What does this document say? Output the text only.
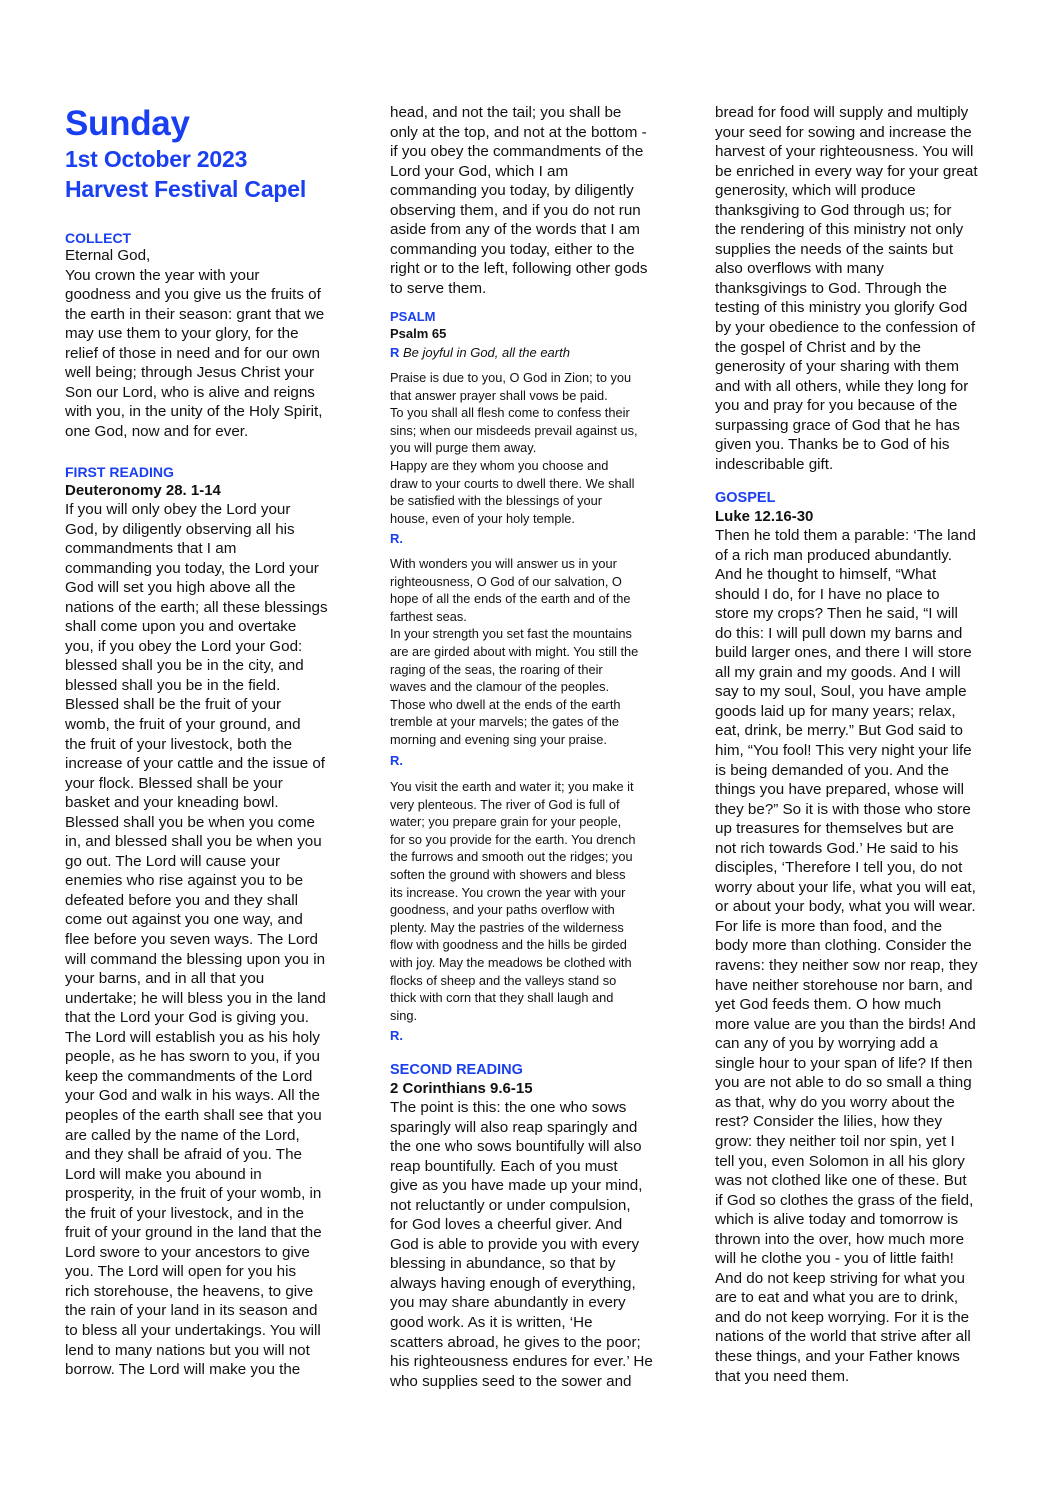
Sunday
1st October 2023
Harvest Festival Capel
COLLECT
Eternal God,
You crown the year with your
goodness and you give us the fruits of
the earth in their season: grant that we
may use them to your glory, for the
relief of those in need and for our own
well being; through Jesus Christ your
Son our Lord, who is alive and reigns
with you, in the unity of the Holy Spirit,
one God, now and for ever.
FIRST READING
Deuteronomy 28. 1-14
If you will only obey the Lord your
God, by diligently observing all his
commandments that I am
commanding you today, the Lord your
God will set you high above all the
nations of the earth; all these blessings
shall come upon you and overtake
you, if you obey the Lord your God:
blessed shall you be in the city, and
blessed shall you be in the field.
Blessed shall be the fruit of your
womb, the fruit of your ground, and
the fruit of your livestock, both the
increase of your cattle and the issue of
your flock. Blessed shall be your
basket and your kneading bowl.
Blessed shall you be when you come
in, and blessed shall you be when you
go out. The Lord will cause your
enemies who rise against you to be
defeated before you and they shall
come out against you one way, and
flee before you seven ways. The Lord
will command the blessing upon you in
your barns, and in all that you
undertake; he will bless you in the land
that the Lord your God is giving you.
The Lord will establish you as his holy
people, as he has sworn to you, if you
keep the commandments of the Lord
your God and walk in his ways. All the
peoples of the earth shall see that you
are called by the name of the Lord,
and they shall be afraid of you. The
Lord will make you abound in
prosperity, in the fruit of your womb, in
the fruit of your livestock, and in the
fruit of your ground in the land that the
Lord swore to your ancestors to give
you. The Lord will open for you his
rich storehouse, the heavens, to give
the rain of your land in its season and
to bless all your undertakings. You will
lend to many nations but you will not
borrow. The Lord will make you the
head, and not the tail; you shall be
only at the top, and not at the bottom -
if you obey the commandments of the
Lord your God, which I am
commanding you today, by diligently
observing them, and if you do not run
aside from any of the words that I am
commanding you today, either to the
right or to the left, following other gods
to serve them.
PSALM
Psalm 65
R Be joyful in God, all the earth
Praise is due to you, O God in Zion; to you
that answer prayer shall vows be paid.
To you shall all flesh come to confess their
sins; when our misdeeds prevail against us,
you will purge them away.
Happy are they whom you choose and
draw to your courts to dwell there. We shall
be satisfied with the blessings of your
house, even of your holy temple.
R.
With wonders you will answer us in your
righteousness, O God of our salvation, O
hope of all the ends of the earth and of the
farthest seas.
In your strength you set fast the mountains
are are girded about with might. You still the
raging of the seas, the roaring of their
waves and the clamour of the peoples.
Those who dwell at the ends of the earth
tremble at your marvels; the gates of the
morning and evening sing your praise.
R.
You visit the earth and water it; you make it
very plenteous. The river of God is full of
water; you prepare grain for your people,
for so you provide for the earth. You drench
the furrows and smooth out the ridges; you
soften the ground with showers and bless
its increase. You crown the year with your
goodness, and your paths overflow with
plenty. May the pastries of the wilderness
flow with goodness and the hills be girded
with joy. May the meadows be clothed with
flocks of sheep and the valleys stand so
thick with corn that they shall laugh and
sing.
R.
SECOND READING
2 Corinthians 9.6-15
The point is this: the one who sows
sparingly will also reap sparingly and
the one who sows bountifully will also
reap bountifully. Each of you must
give as you have made up your mind,
not reluctantly or under compulsion,
for God loves a cheerful giver. And
God is able to provide you with every
blessing in abundance, so that by
always having enough of everything,
you may share abundantly in every
good work. As it is written, ‘He
scatters abroad, he gives to the poor;
his righteousness endures for ever.’ He
who supplies seed to the sower and
bread for food will supply and multiply
your seed for sowing and increase the
harvest of your righteousness. You will
be enriched in every way for your great
generosity, which will produce
thanksgiving to God through us; for
the rendering of this ministry not only
supplies the needs of the saints but
also overflows with many
thanksgivings to God. Through the
testing of this ministry you glorify God
by your obedience to the confession of
the gospel of Christ and by the
generosity of your sharing with them
and with all others, while they long for
you and pray for you because of the
surpassing grace of God that he has
given you. Thanks be to God of his
indescribable gift.
GOSPEL
Luke 12.16-30
Then he told them a parable: ‘The land
of a rich man produced abundantly.
And he thought to himself, “What
should I do, for I have no place to
store my crops? Then he said, “I will
do this: I will pull down my barns and
build larger ones, and there I will store
all my grain and my goods. And I will
say to my soul, Soul, you have ample
goods laid up for many years; relax,
eat, drink, be merry.” But God said to
him, “You fool! This very night your life
is being demanded of you. And the
things you have prepared, whose will
they be?” So it is with those who store
up treasures for themselves but are
not rich towards God.’ He said to his
disciples, ‘Therefore I tell you, do not
worry about your life, what you will eat,
or about your body, what you will wear.
For life is more than food, and the
body more than clothing. Consider the
ravens: they neither sow nor reap, they
have neither storehouse nor barn, and
yet God feeds them. O how much
more value are you than the birds! And
can any of you by worrying add a
single hour to your span of life? If then
you are not able to do so small a thing
as that, why do you worry about the
rest? Consider the lilies, how they
grow: they neither toil nor spin, yet I
tell you, even Solomon in all his glory
was not clothed like one of these. But
if God so clothes the grass of the field,
which is alive today and tomorrow is
thrown into the over, how much more
will he clothe you - you of little faith!
And do not keep striving for what you
are to eat and what you are to drink,
and do not keep worrying. For it is the
nations of the world that strive after all
these things, and your Father knows
that you need them.
